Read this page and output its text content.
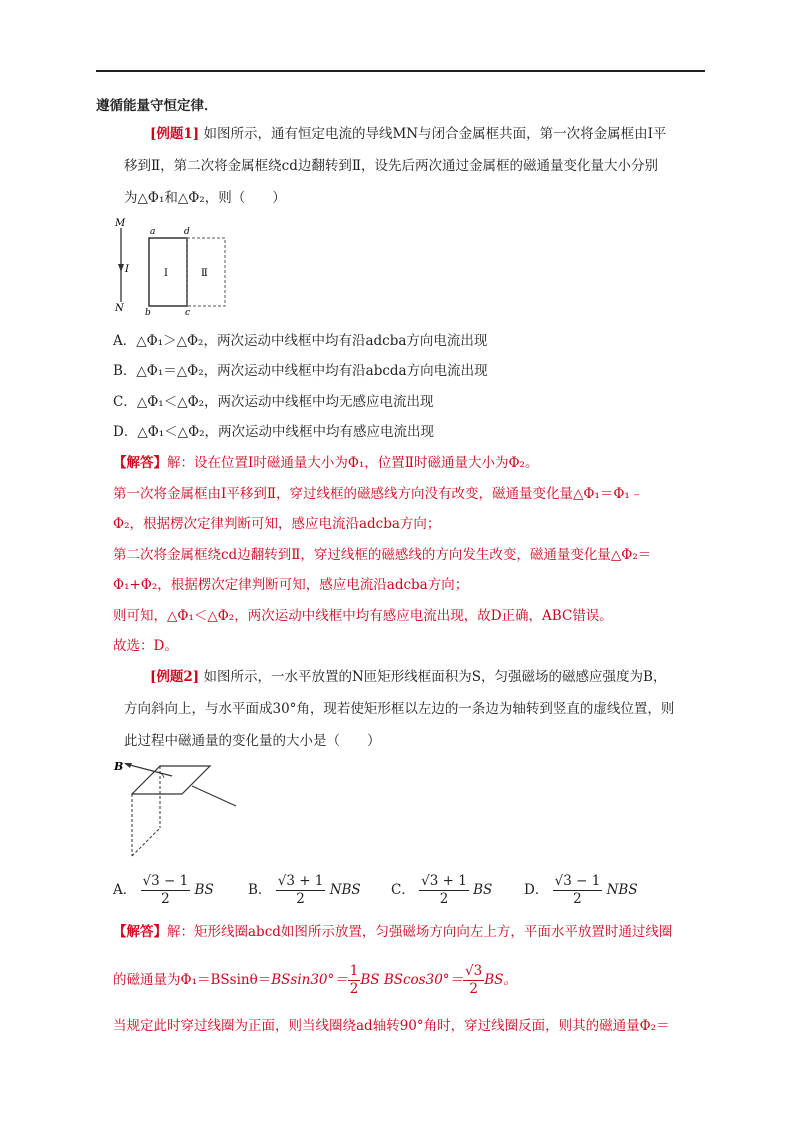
遵循能量守恒定律．
[例题1] 如图所示，通有恒定电流的导线MN与闭合金属框共面，第一次将金属框由Ⅰ平
移到Ⅱ，第二次将金属框绕cd边翻转到Ⅱ，设先后两次通过金属框的磁通量变化量大小分别
为△Φ₁和△Φ₂，则（　　）
M
I
N
a	d
b	c
Ⅰ	Ⅱ
A．△Φ₁＞△Φ₂，两次运动中线框中均有沿adcba方向电流出现
B．△Φ₁＝△Φ₂，两次运动中线框中均有沿abcda方向电流出现
C．△Φ₁＜△Φ₂，两次运动中线框中均无感应电流出现
D．△Φ₁＜△Φ₂，两次运动中线框中均有感应电流出现
【解答】解：设在位置Ⅰ时磁通量大小为Φ₁，位置Ⅱ时磁通量大小为Φ₂。
第一次将金属框由Ⅰ平移到Ⅱ，穿过线框的磁感线方向没有改变，磁通量变化量△Φ₁＝Φ₁﹣
Φ₂，根据楞次定律判断可知，感应电流沿adcba方向；
第二次将金属框绕cd边翻转到Ⅱ，穿过线框的磁感线的方向发生改变，磁通量变化量△Φ₂＝
Φ₁+Φ₂，根据楞次定律判断可知，感应电流沿adcba方向；
则可知，△Φ₁＜△Φ₂，两次运动中线框中均有感应电流出现，故D正确，ABC错误。
故选：D。
[例题2] 如图所示，一水平放置的N匝矩形线框面积为S，匀强磁场的磁感应强度为B，
方向斜向上，与水平面成30°角，现若使矩形框以左边的一条边为轴转到竖直的虚线位置，则
此过程中磁通量的变化量的大小是（　　）
B
A． $\frac{√3 - 1}{2}$ BS	B． $\frac{√3 + 1}{2}$ NBS C． $\frac{√3 + 1}{2}$ BS D． $\frac{√3 - 1}{2}$ NBS
【解答】解：矩形线圈abcd如图所示放置，匀强磁场方向向左上方，平面水平放置时通过线圈
的磁通量为$\Phi_1=BSsin\theta=BSsin30^\circ= \frac{1}{2}$ BS $BScos30^\circ= \frac{√3}{2}$ BS。
当规定此时穿过线圈为正面，则当线圈绕ad轴转90°角时，穿过线圈反面，则其的磁通量Φ₂＝
